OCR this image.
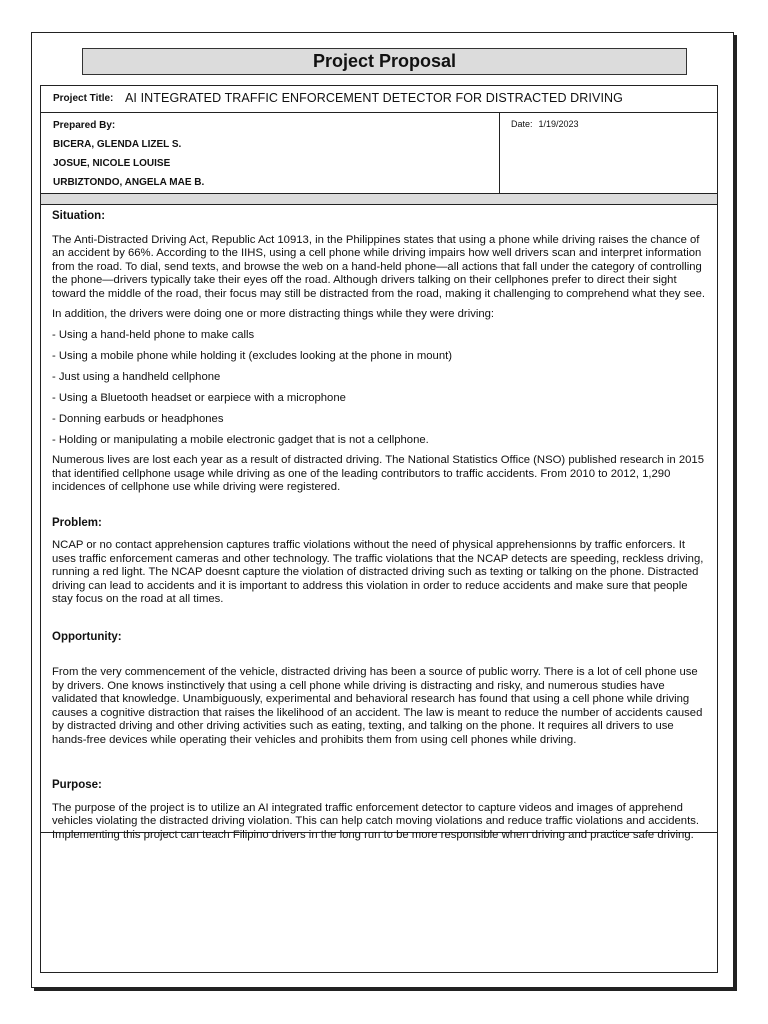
Project Proposal
Project Title: AI INTEGRATED TRAFFIC ENFORCEMENT DETECTOR FOR DISTRACTED DRIVING
Prepared By:
BICERA, GLENDA LIZEL S.
JOSUE, NICOLE LOUISE
URBIZTONDO, ANGELA MAE B.
Date: 1/19/2023
Situation:

The Anti-Distracted Driving Act, Republic Act 10913, in the Philippines states that using a phone while driving raises the chance of an accident by 66%. According to the IIHS, using a cell phone while driving impairs how well drivers scan and interpret information from the road. To dial, send texts, and browse the web on a hand-held phone—all actions that fall under the category of controlling the phone—drivers typically take their eyes off the road. Although drivers talking on their cellphones prefer to direct their sight toward the middle of the road, their focus may still be distracted from the road, making it challenging to comprehend what they see.

In addition, the drivers were doing one or more distracting things while they were driving:

- Using a hand-held phone to make calls

- Using a mobile phone while holding it (excludes looking at the phone in mount)

- Just using a handheld cellphone

- Using a Bluetooth headset or earpiece with a microphone

- Donning earbuds or headphones

- Holding or manipulating a mobile electronic gadget that is not a cellphone.

Numerous lives are lost each year as a result of distracted driving. The National Statistics Office (NSO) published research in 2015 that identified cellphone usage while driving as one of the leading contributors to traffic accidents. From 2010 to 2012, 1,290 incidences of cellphone use while driving were registered.

Problem:

NCAP or no contact apprehension captures traffic violations without the need of physical apprehensionns by traffic enforcers. It uses traffic enforcement cameras and other technology. The traffic violations that the NCAP detects are speeding, reckless driving, running a red light. The NCAP doesnt capture the violation of distracted driving such as texting or talking on the phone. Distracted driving can lead to accidents and it is important to address this violation in order to reduce accidents and make sure that people stay focus on the road at all times.

Opportunity:

From the very commencement of the vehicle, distracted driving has been a source of public worry. There is a lot of cell phone use by drivers. One knows instinctively that using a cell phone while driving is distracting and risky, and numerous studies have validated that knowledge. Unambiguously, experimental and behavioral research has found that using a cell phone while driving causes a cognitive distraction that raises the likelihood of an accident. The law is meant to reduce the number of accidents caused by distracted driving and other driving activities such as eating, texting, and talking on the phone. It requires all drivers to use hands-free devices while operating their vehicles and prohibits them from using cell phones while driving.

Purpose:

The purpose of the project is to utilize an AI integrated traffic enforcement detector to capture videos and images of apprehend vehicles violating the distracted driving violation. This can help catch moving violations and reduce traffic violations and accidents. Implementing this project can teach Filipino drivers in the long run to be more responsible when driving and practice safe driving.
